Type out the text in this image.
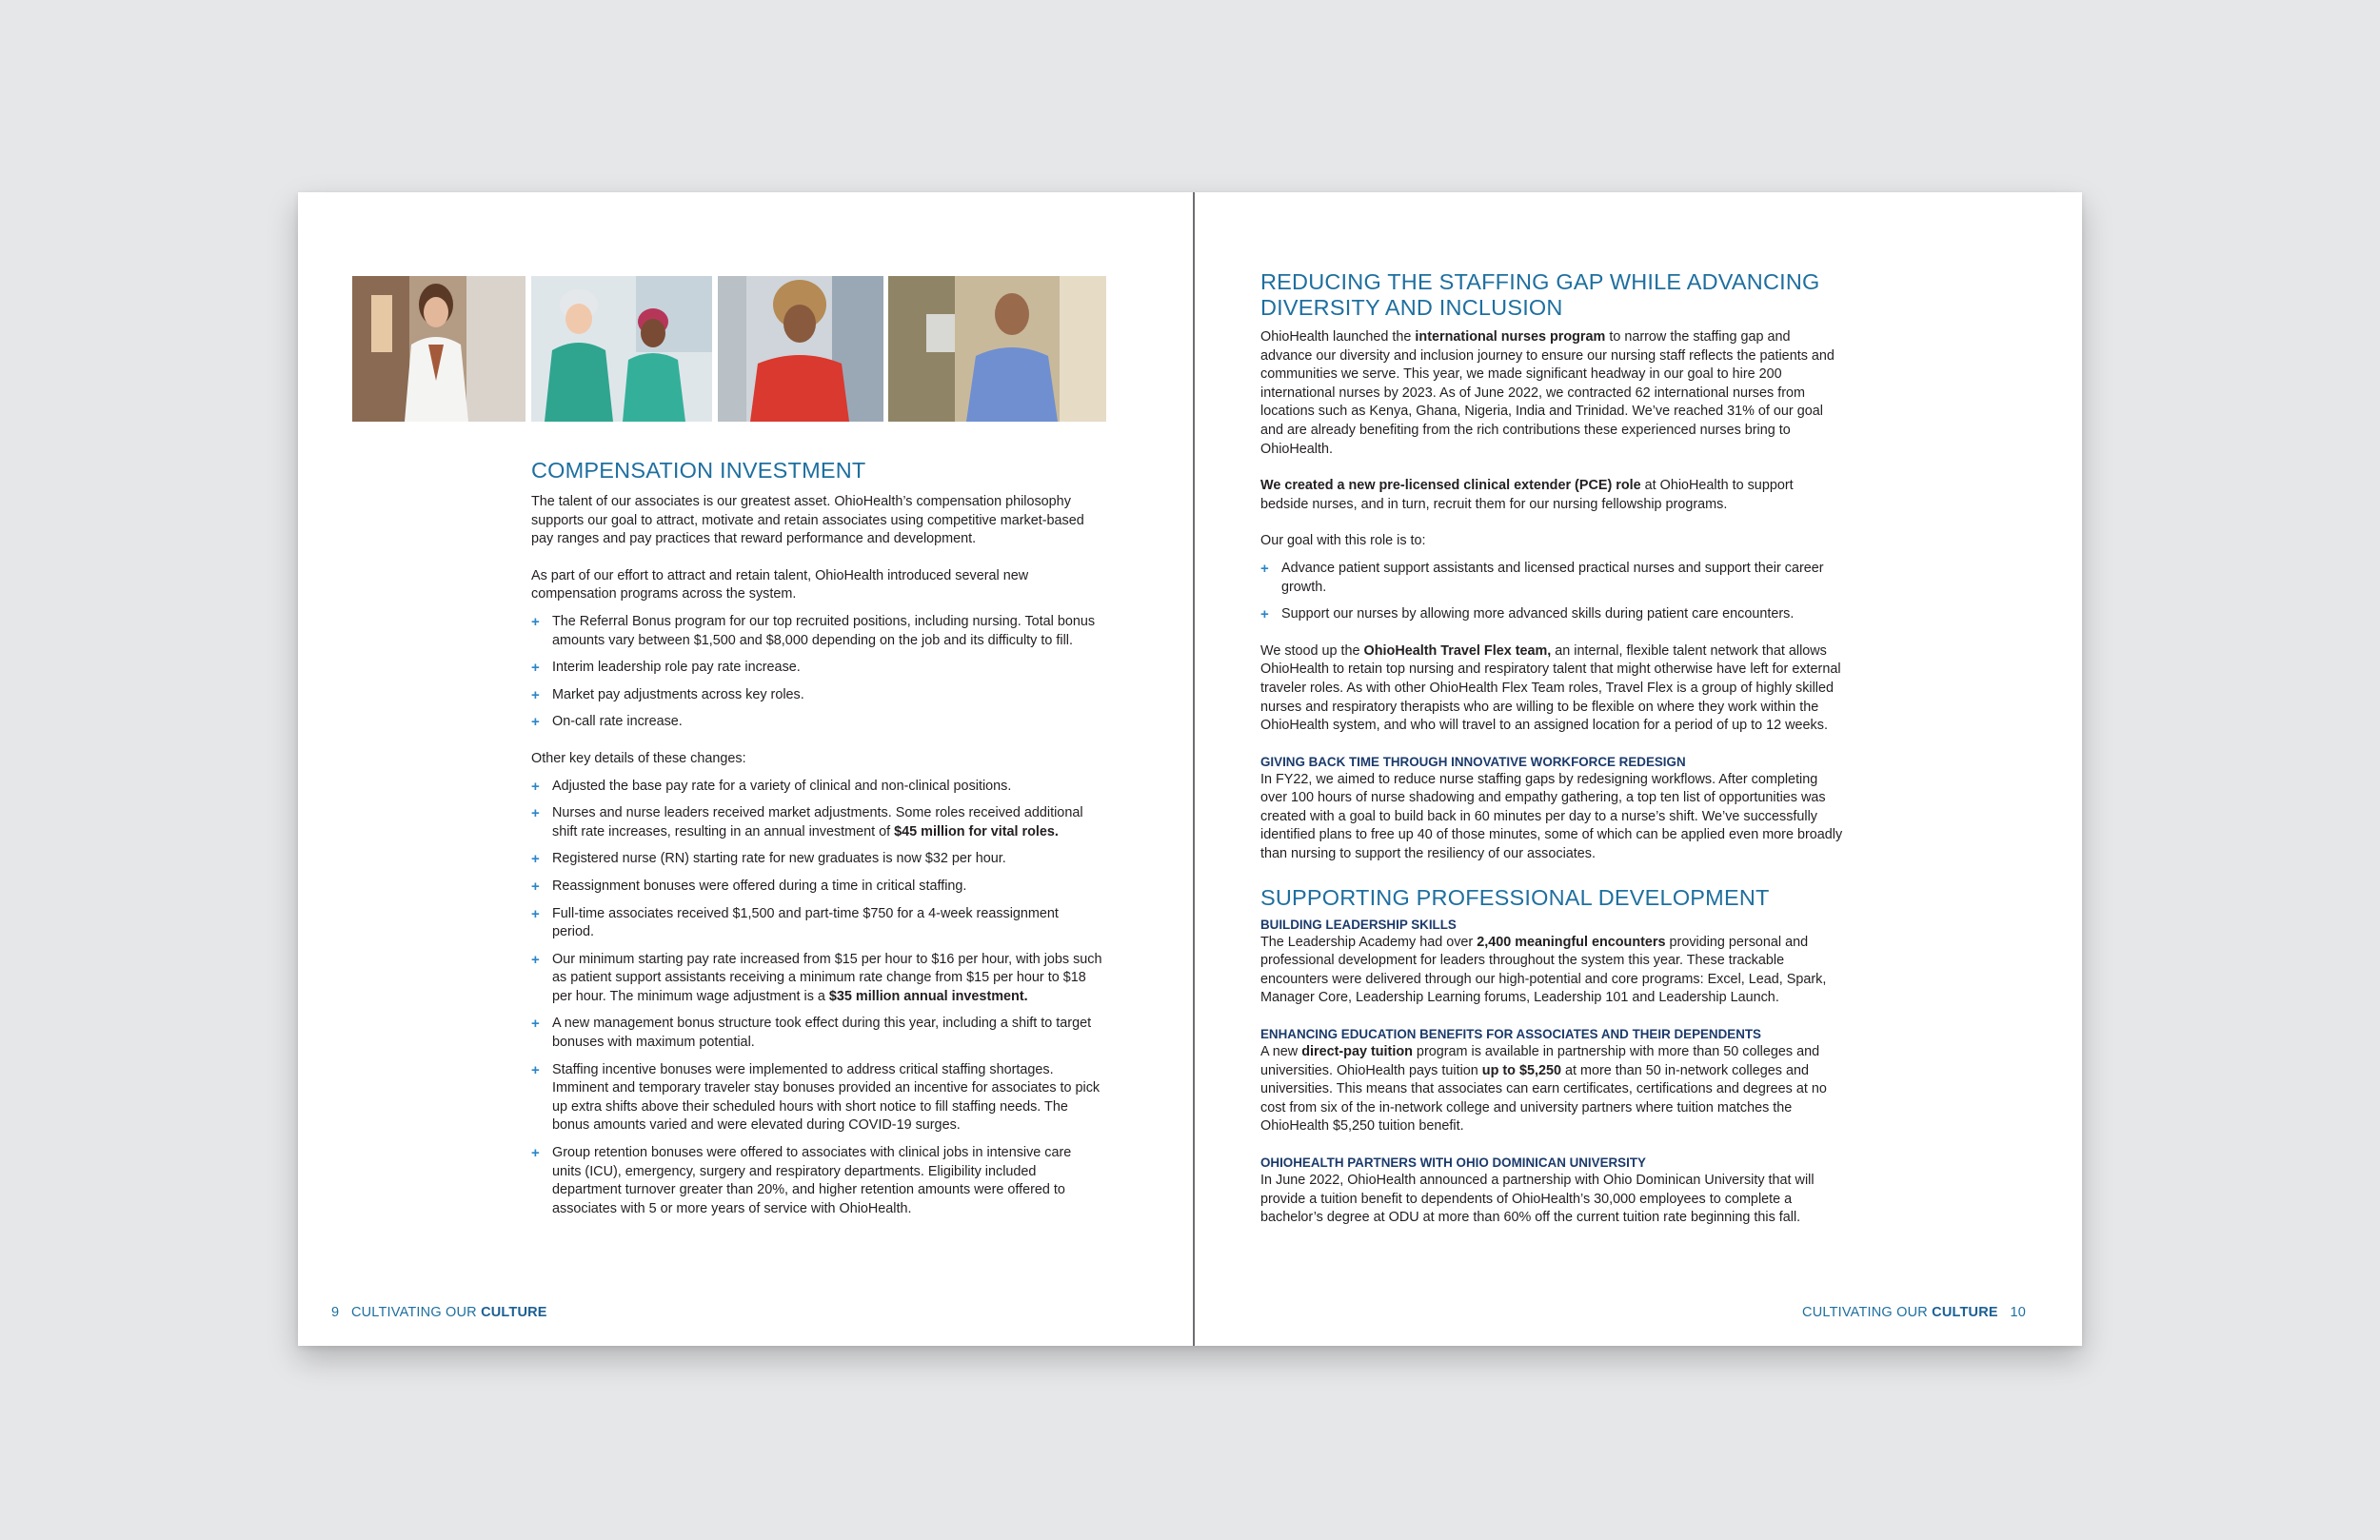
COMPENSATION INVESTMENT

The talent of our associates is our greatest asset. OhioHealth’s compensation philosophy supports our goal to attract, motivate and retain associates using competitive market-based pay ranges and pay practices that reward performance and development.

As part of our effort to attract and retain talent, OhioHealth introduced several new compensation programs across the system.

+ The Referral Bonus program for our top recruited positions, including nursing. Total bonus amounts vary between $1,500 and $8,000 depending on the job and its difficulty to fill.
+ Interim leadership role pay rate increase.
+ Market pay adjustments across key roles.
+ On-call rate increase.

Other key details of these changes:

+ Adjusted the base pay rate for a variety of clinical and non-clinical positions.
+ Nurses and nurse leaders received market adjustments. Some roles received additional shift rate increases, resulting in an annual investment of $45 million for vital roles.
+ Registered nurse (RN) starting rate for new graduates is now $32 per hour.
+ Reassignment bonuses were offered during a time in critical staffing.
+ Full-time associates received $1,500 and part-time $750 for a 4-week reassignment period.
+ Our minimum starting pay rate increased from $15 per hour to $16 per hour, with jobs such as patient support assistants receiving a minimum rate change from $15 per hour to $18 per hour. The minimum wage adjustment is a $35 million annual investment.
+ A new management bonus structure took effect during this year, including a shift to target bonuses with maximum potential.
+ Staffing incentive bonuses were implemented to address critical staffing shortages. Imminent and temporary traveler stay bonuses provided an incentive for associates to pick up extra shifts above their scheduled hours with short notice to fill staffing needs. The bonus amounts varied and were elevated during COVID-19 surges.
+ Group retention bonuses were offered to associates with clinical jobs in intensive care units (ICU), emergency, surgery and respiratory departments. Eligibility included department turnover greater than 20%, and higher retention amounts were offered to associates with 5 or more years of service with OhioHealth.
9 CULTIVATING OUR CULTURE
REDUCING THE STAFFING GAP WHILE ADVANCING DIVERSITY AND INCLUSION

OhioHealth launched the international nurses program to narrow the staffing gap and advance our diversity and inclusion journey to ensure our nursing staff reflects the patients and communities we serve. This year, we made significant headway in our goal to hire 200 international nurses by 2023. As of June 2022, we contracted 62 international nurses from locations such as Kenya, Ghana, Nigeria, India and Trinidad. We’ve reached 31% of our goal and are already benefiting from the rich contributions these experienced nurses bring to OhioHealth.

We created a new pre-licensed clinical extender (PCE) role at OhioHealth to support bedside nurses, and in turn, recruit them for our nursing fellowship programs.

Our goal with this role is to:

+ Advance patient support assistants and licensed practical nurses and support their career growth.
+ Support our nurses by allowing more advanced skills during patient care encounters.

We stood up the OhioHealth Travel Flex team, an internal, flexible talent network that allows OhioHealth to retain top nursing and respiratory talent that might otherwise have left for external traveler roles. As with other OhioHealth Flex Team roles, Travel Flex is a group of highly skilled nurses and respiratory therapists who are willing to be flexible on where they work within the OhioHealth system, and who will travel to an assigned location for a period of up to 12 weeks.

GIVING BACK TIME THROUGH INNOVATIVE WORKFORCE REDESIGN

In FY22, we aimed to reduce nurse staffing gaps by redesigning workflows. After completing over 100 hours of nurse shadowing and empathy gathering, a top ten list of opportunities was created with a goal to build back in 60 minutes per day to a nurse’s shift. We’ve successfully identified plans to free up 40 of those minutes, some of which can be applied even more broadly than nursing to support the resiliency of our associates.

SUPPORTING PROFESSIONAL DEVELOPMENT
BUILDING LEADERSHIP SKILLS

The Leadership Academy had over 2,400 meaningful encounters providing personal and professional development for leaders throughout the system this year. These trackable encounters were delivered through our high-potential and core programs: Excel, Lead, Spark, Manager Core, Leadership Learning forums, Leadership 101 and Leadership Launch.

ENHANCING EDUCATION BENEFITS FOR ASSOCIATES AND THEIR DEPENDENTS

A new direct-pay tuition program is available in partnership with more than 50 colleges and universities. OhioHealth pays tuition up to $5,250 at more than 50 in-network colleges and universities. This means that associates can earn certificates, certifications and degrees at no cost from six of the in-network college and university partners where tuition matches the OhioHealth $5,250 tuition benefit.

OHIOHEALTH PARTNERS WITH OHIO DOMINICAN UNIVERSITY

In June 2022, OhioHealth announced a partnership with Ohio Dominican University that will provide a tuition benefit to dependents of OhioHealth’s 30,000 employees to complete a bachelor’s degree at ODU at more than 60% off the current tuition rate beginning this fall.

CULTIVATING OUR CULTURE 10
